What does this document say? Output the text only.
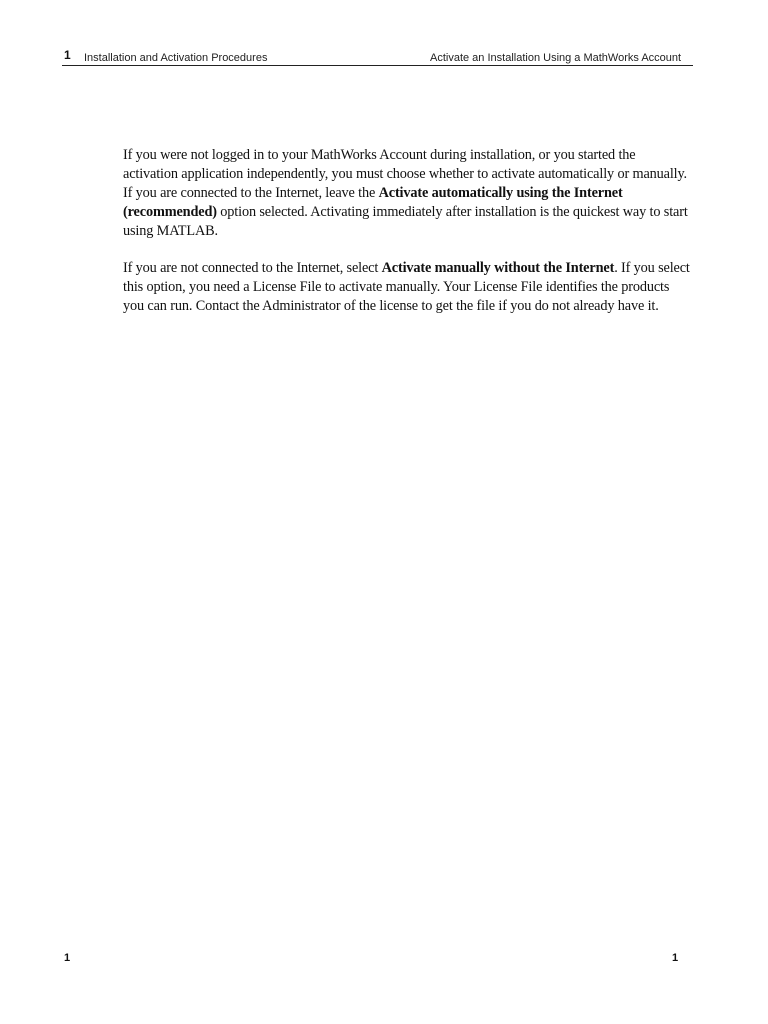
1 Installation and Activation Procedures	Activate an Installation Using a MathWorks Account

If you were not logged in to your MathWorks Account during installation, or you started the activation application independently, you must choose whether to activate automatically or manually. If you are connected to the Internet, leave the Activate automatically using the Internet (recommended) option selected. Activating immediately after installation is the quickest way to start using MATLAB.

If you are not connected to the Internet, select Activate manually without the Internet. If you select this option, you need a License File to activate manually. Your License File identifies the products you can run. Contact the Administrator of the license to get the file if you do not already have it.

1	1
